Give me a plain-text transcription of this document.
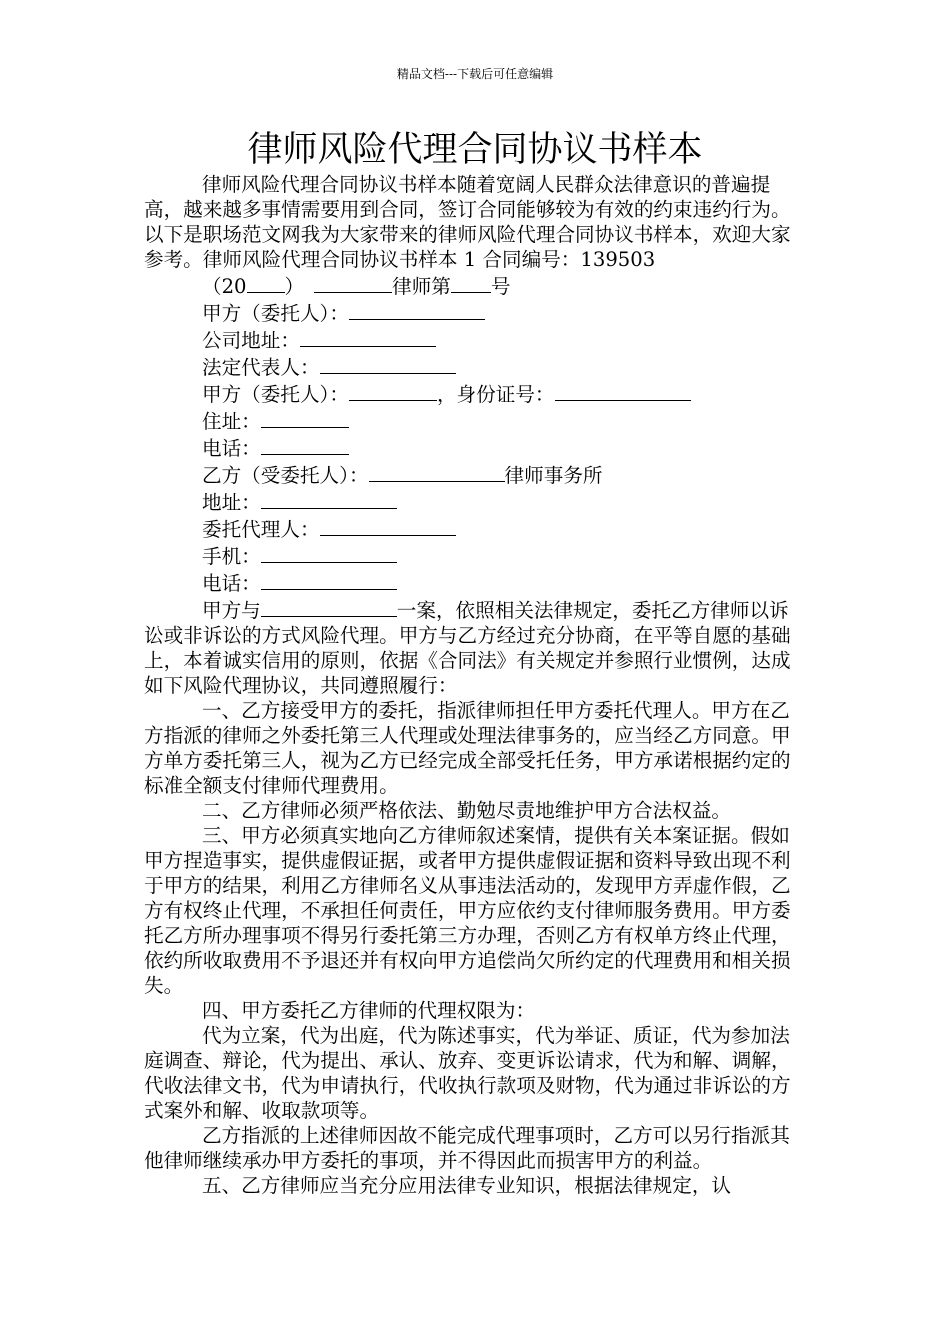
精品文档---下载后可任意编辑
律师风险代理合同协议书样本

律师风险代理合同协议书样本随着宽阔人民群众法律意识的普遍提高，越来越多事情需要用到合同，签订合同能够较为有效的约束违约行为。以下是职场范文网我为大家带来的律师风险代理合同协议书样本，欢迎大家参考。律师风险代理合同协议书样本 1 合同编号：139503

（20 ）	律师第 号

甲方（委托人）：

公司地址：

法定代表人：

甲方（委托人）：	，身份证号：

住址：

电话：

乙方（受委托人）：	律师事务所

地址：

委托代理人：

手机：

电话：

甲方与	一案，依照相关法律规定，委托乙方律师以诉讼或非诉讼的方式风险代理。甲方与乙方经过充分协商，在平等自愿的基础上，本着诚实信用的原则，依据《合同法》有关规定并参照行业惯例，达成如下风险代理协议，共同遵照履行：

一、乙方接受甲方的委托，指派律师担任甲方委托代理人。甲方在乙方指派的律师之外委托第三人代理或处理法律事务的，应当经乙方同意。甲方单方委托第三人，视为乙方已经完成全部受托任务，甲方承诺根据约定的标准全额支付律师代理费用。

二、乙方律师必须严格依法、勤勉尽责地维护甲方合法权益。

三、甲方必须真实地向乙方律师叙述案情，提供有关本案证据。假如甲方捏造事实，提供虚假证据，或者甲方提供虚假证据和资料导致出现不利于甲方的结果，利用乙方律师名义从事违法活动的，发现甲方弄虚作假，乙方有权终止代理，不承担任何责任，甲方应依约支付律师服务费用。甲方委托乙方所办理事项不得另行委托第三方办理，否则乙方有权单方终止代理，依约所收取费用不予退还并有权向甲方追偿尚欠所约定的代理费用和相关损失。

四、甲方委托乙方律师的代理权限为：

代为立案，代为出庭，代为陈述事实，代为举证、质证，代为参加法庭调查、辩论，代为提出、承认、放弃、变更诉讼请求，代为和解、调解，代收法律文书，代为申请执行，代收执行款项及财物，代为通过非诉讼的方式案外和解、收取款项等。

乙方指派的上述律师因故不能完成代理事项时，乙方可以另行指派其他律师继续承办甲方委托的事项，并不得因此而损害甲方的利益。

五、乙方律师应当充分应用法律专业知识，根据法律规定，认
